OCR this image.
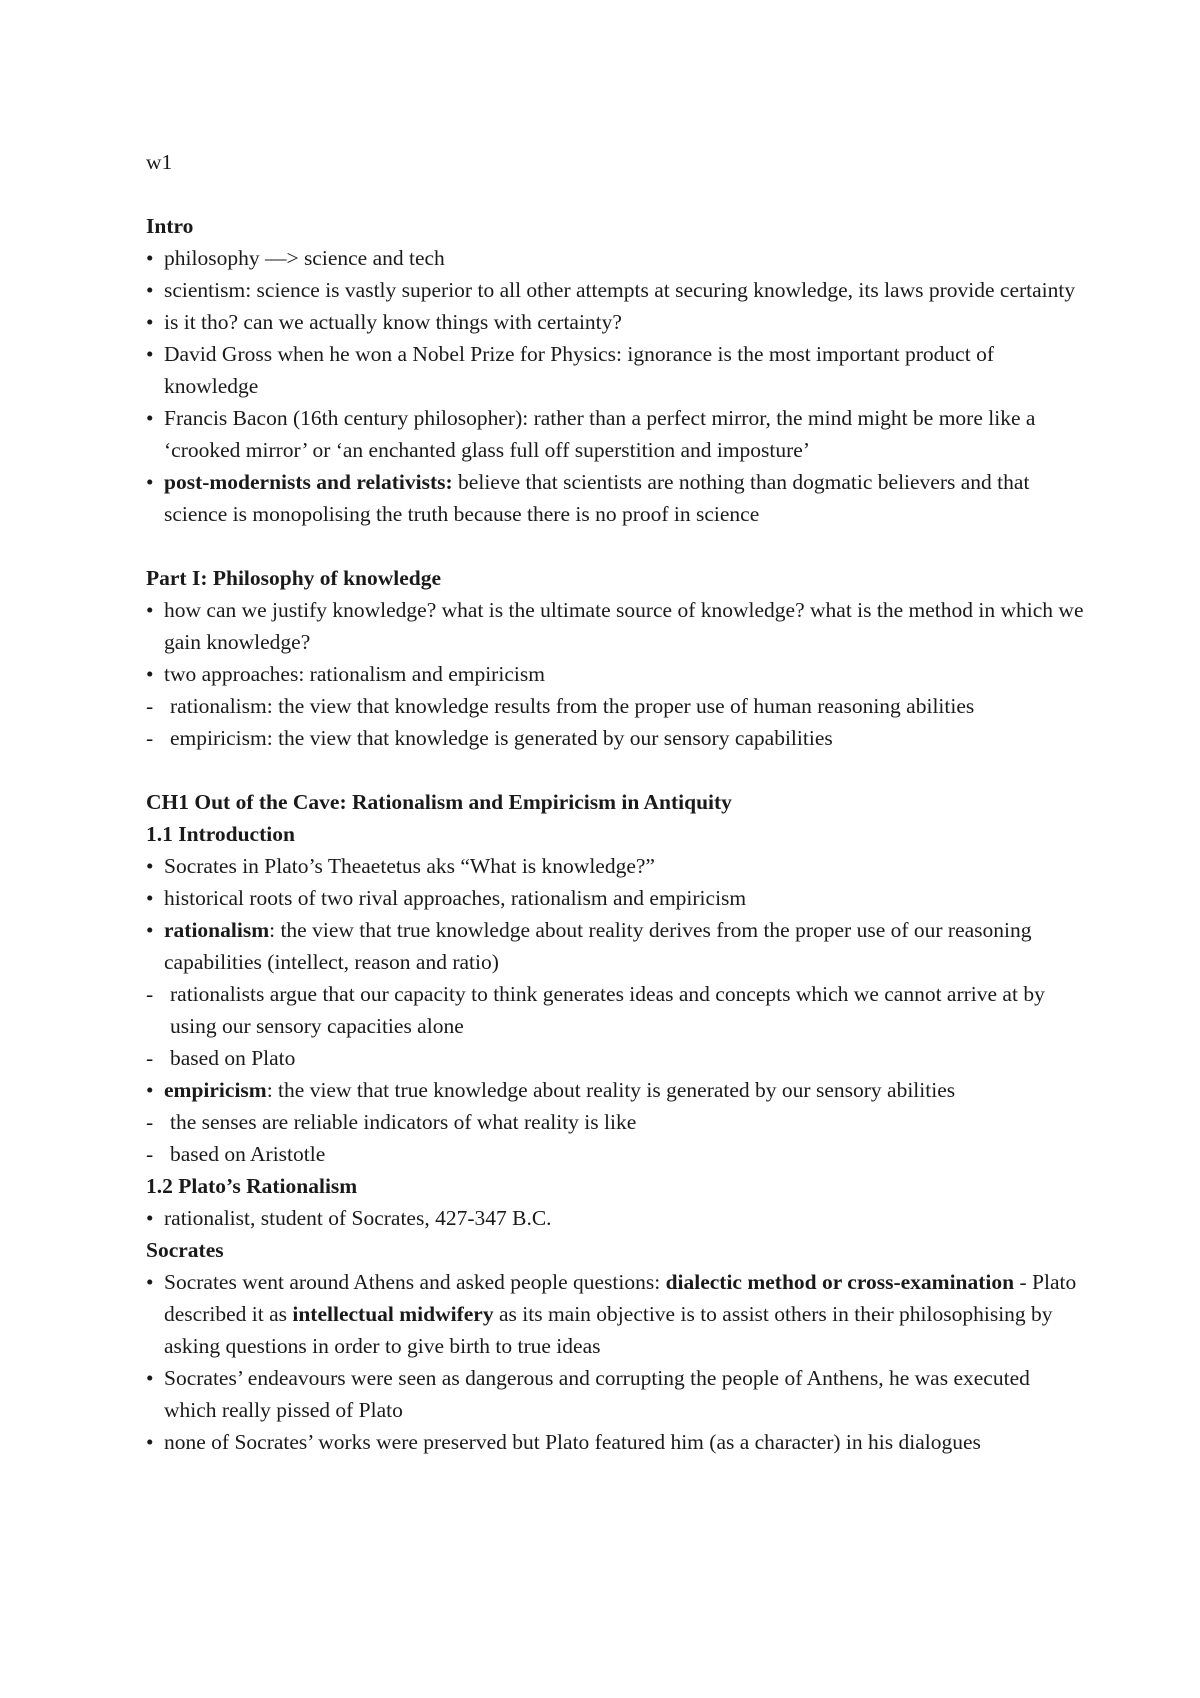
w1

Intro

• philosophy —> science and tech
• scientism: science is vastly superior to all other attempts at securing knowledge, its laws provide certainty
• is it tho? can we actually know things with certainty?
• David Gross when he won a Nobel Prize for Physics: ignorance is the most important product of knowledge
• Francis Bacon (16th century philosopher): rather than a perfect mirror, the mind might be more like a ‘crooked mirror’ or ‘an enchanted glass full off superstition and imposture’
• post-modernists and relativists: believe that scientists are nothing than dogmatic believers and that science is monopolising the truth because there is no proof in science

Part I: Philosophy of knowledge

• how can we justify knowledge? what is the ultimate source of knowledge? what is the method in which we gain knowledge?
• two approaches: rationalism and empiricism
- rationalism: the view that knowledge results from the proper use of human reasoning abilities
- empiricism: the view that knowledge is generated by our sensory capabilities

CH1 Out of the Cave: Rationalism and Empiricism in Antiquity

1.1 Introduction

• Socrates in Plato’s Theaetetus aks “What is knowledge?”
• historical roots of two rival approaches, rationalism and empiricism
• rationalism: the view that true knowledge about reality derives from the proper use of our reasoning capabilities (intellect, reason and ratio)
- rationalists argue that our capacity to think generates ideas and concepts which we cannot arrive at by using our sensory capacities alone
- based on Plato
• empiricism: the view that true knowledge about reality is generated by our sensory abilities
- the senses are reliable indicators of what reality is like
- based on Aristotle

1.2 Plato’s Rationalism

• rationalist, student of Socrates, 427-347 B.C.

Socrates

• Socrates went around Athens and asked people questions: dialectic method or cross-examination - Plato described it as intellectual midwifery as its main objective is to assist others in their philosophising by asking questions in order to give birth to true ideas
• Socrates’ endeavours were seen as dangerous and corrupting the people of Anthens, he was executed which really pissed of Plato
• none of Socrates’ works were preserved but Plato featured him (as a character) in his dialogues
